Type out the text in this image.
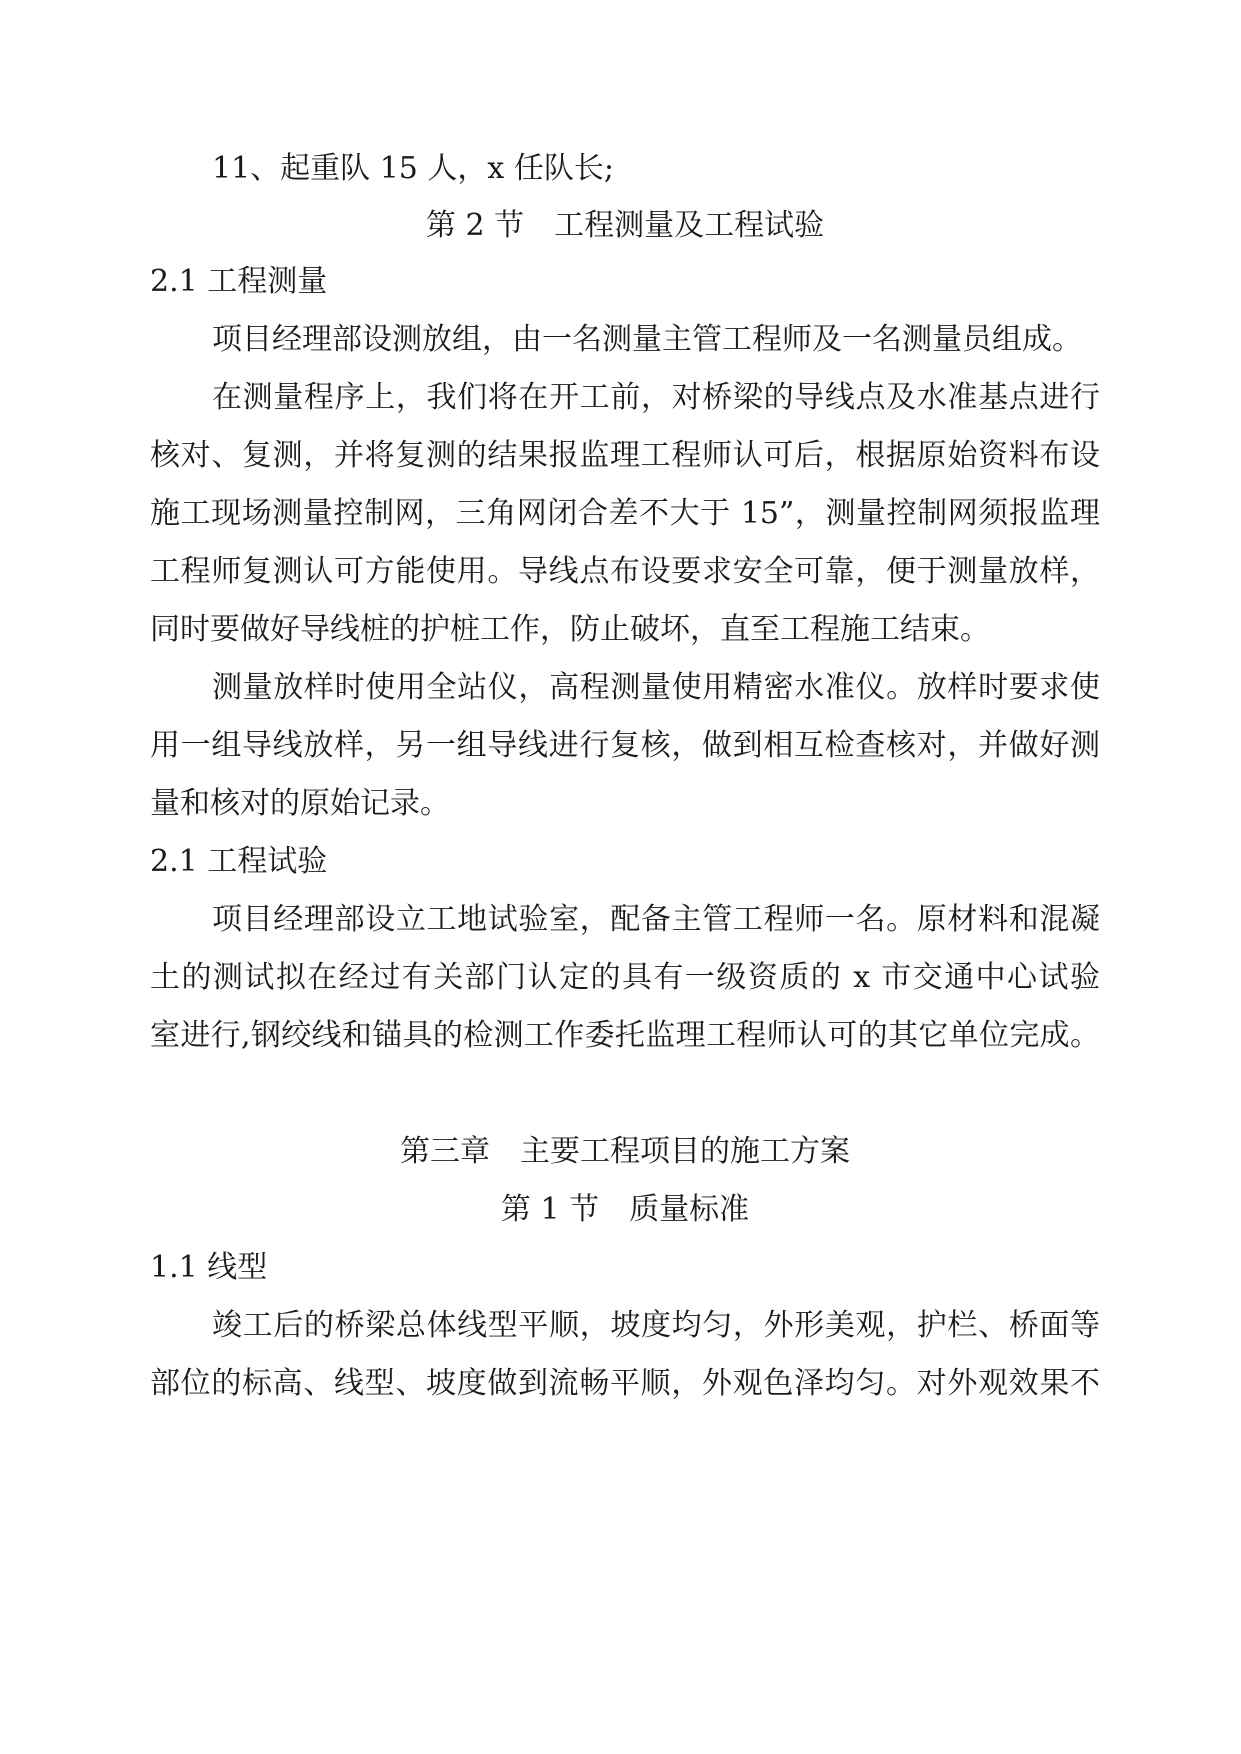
11、起重队 15 人，x 任队长;
第 2 节　工程测量及工程试验
2.1 工程测量
项目经理部设测放组，由一名测量主管工程师及一名测量员组成。
在测量程序上，我们将在开工前，对桥梁的导线点及水准基点进行
核对、复测，并将复测的结果报监理工程师认可后，根据原始资料布设
施工现场测量控制网，三角网闭合差不大于 15”，测量控制网须报监理
工程师复测认可方能使用。导线点布设要求安全可靠，便于测量放样，
同时要做好导线桩的护桩工作，防止破坏，直至工程施工结束。
测量放样时使用全站仪，高程测量使用精密水准仪。放样时要求使
用一组导线放样，另一组导线进行复核，做到相互检查核对，并做好测
量和核对的原始记录。
2.1 工程试验
项目经理部设立工地试验室，配备主管工程师一名。原材料和混凝
土的测试拟在经过有关部门认定的具有一级资质的 x 市交通中心试验
室进行,钢绞线和锚具的检测工作委托监理工程师认可的其它单位完成。
第三章　主要工程项目的施工方案
第 1 节　质量标准
1.1 线型
竣工后的桥梁总体线型平顺，坡度均匀，外形美观，护栏、桥面等
部位的标高、线型、坡度做到流畅平顺，外观色泽均匀。对外观效果不
